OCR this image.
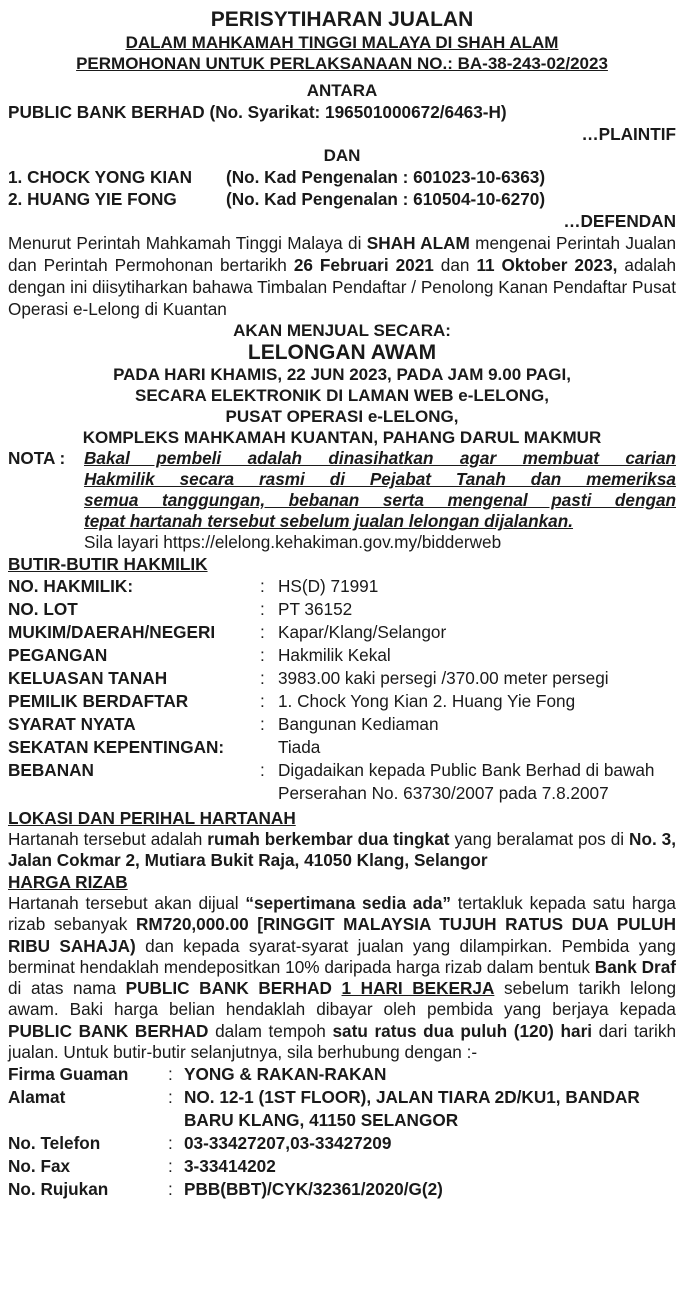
PERISYTIHARAN JUALAN
DALAM MAHKAMAH TINGGI MALAYA DI SHAH ALAM
PERMOHONAN UNTUK PERLAKSANAAN NO.: BA-38-243-02/2023
ANTARA
PUBLIC BANK BERHAD (No. Syarikat: 196501000672/6463-H)
…PLAINTIF
DAN
1. CHOCK YONG KIAN	(No. Kad Pengenalan : 601023-10-6363)
2. HUANG YIE FONG	(No. Kad Pengenalan : 610504-10-6270)
…DEFENDAN

Menurut Perintah Mahkamah Tinggi Malaya di SHAH ALAM mengenai Perintah Jualan dan Perintah Permohonan bertarikh 26 Februari 2021 dan 11 Oktober 2023, adalah dengan ini diisytiharkan bahawa Timbalan Pendaftar / Penolong Kanan Pendaftar Pusat Operasi e-Lelong di Kuantan

AKAN MENJUAL SECARA:
LELONGAN AWAM
PADA HARI KHAMIS, 22 JUN 2023, PADA JAM 9.00 PAGI,
SECARA ELEKTRONIK DI LAMAN WEB e-LELONG,
PUSAT OPERASI e-LELONG,
KOMPLEKS MAHKAMAH KUANTAN, PAHANG DARUL MAKMUR
NOTA :	Bakal pembeli adalah dinasihatkan agar membuat carian
Hakmilik secara rasmi di Pejabat Tanah dan memeriksa
semua tanggungan, bebanan serta mengenal pasti dengan
tepat hartanah tersebut sebelum jualan lelongan dijalankan.
Sila layari https://elelong.kehakiman.gov.my/bidderweb
BUTIR-BUTIR HAKMILIK
NO. HAKMILIK:	:	HS(D) 71991
NO. LOT	:	PT 36152
MUKIM/DAERAH/NEGERI	:	Kapar/Klang/Selangor
PEGANGAN	:	Hakmilik Kekal
KELUASAN TANAH	:	3983.00 kaki persegi /370.00 meter persegi
PEMILIK BERDAFTAR	:	1. Chock Yong Kian 2. Huang Yie Fong
SYARAT NYATA	:	Bangunan Kediaman
SEKATAN KEPENTINGAN:		Tiada
BEBANAN	:	Digadaikan kepada Public Bank Berhad di bawah Perserahan No. 63730/2007 pada 7.8.2007
LOKASI DAN PERIHAL HARTANAH

Hartanah tersebut adalah rumah berkembar dua tingkat yang beralamat pos di No. 3, Jalan Cokmar 2, Mutiara Bukit Raja, 41050 Klang, Selangor

HARGA RIZAB

Hartanah tersebut akan dijual “sepertimana sedia ada” tertakluk kepada satu harga rizab sebanyak RM720,000.00 [RINGGIT MALAYSIA TUJUH RATUS DUA PULUH RIBU SAHAJA) dan kepada syarat-syarat jualan yang dilampirkan. Pembida yang berminat hendaklah mendepositkan 10% daripada harga rizab dalam bentuk Bank Draf di atas nama PUBLIC BANK BERHAD 1 HARI BEKERJA sebelum tarikh lelong awam. Baki harga belian hendaklah dibayar oleh pembida yang berjaya kepada PUBLIC BANK BERHAD dalam tempoh satu ratus dua puluh (120) hari dari tarikh jualan. Untuk butir-butir selanjutnya, sila berhubung dengan :-

Firma Guaman	:	YONG & RAKAN-RAKAN
Alamat	:	NO. 12-1 (1ST FLOOR), JALAN TIARA 2D/KU1, BANDAR BARU KLANG, 41150 SELANGOR
No. Telefon	:	03-33427207,03-33427209
No. Fax	:	3-33414202
No. Rujukan	:	PBB(BBT)/CYK/32361/2020/G(2)
